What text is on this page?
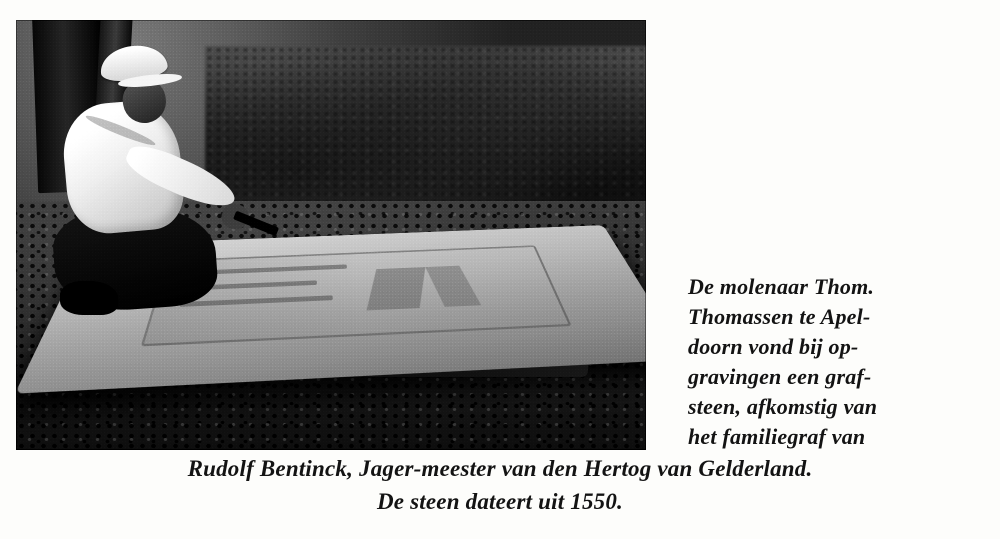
De molenaar Thom.
Thomassen te Apel-
doorn vond bij op-
gravingen een graf-
steen, afkomstig van
het familiegraf van
Rudolf Bentinck, Jager-meester van den Hertog van Gelderland.
De steen dateert uit 1550.
